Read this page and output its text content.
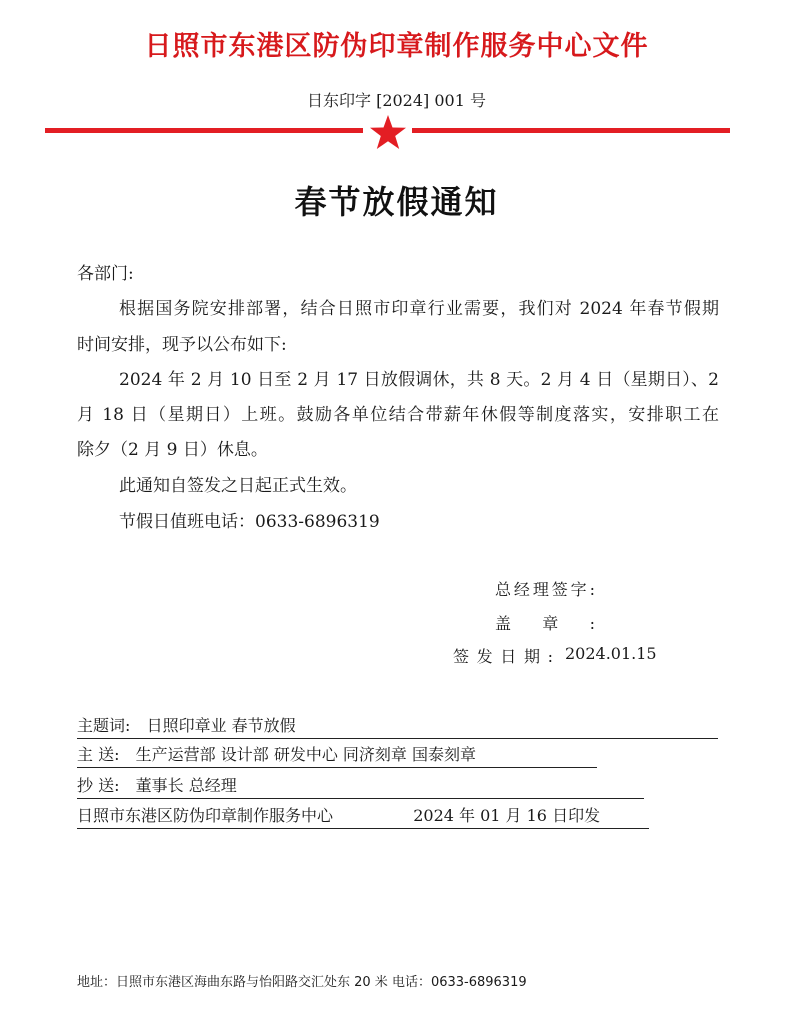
日照市东港区防伪印章制作服务中心文件
日东印字 [2024] 001 号
春节放假通知
各部门:
根据国务院安排部署，结合日照市印章行业需要，我们对 2024 年春节假期
时间安排，现予以公布如下:
2024 年 2 月 10 日至 2 月 17 日放假调休，共 8 天。2 月 4 日（星期日）、2
月 18 日（星期日）上班。鼓励各单位结合带薪年休假等制度落实，安排职工在
除夕（2 月 9 日）休息。
此通知自签发之日起正式生效。
节假日值班电话：0633-6896319
总经理签字:
盖章:
签发日期: 2024.01.15
主题词: 日照印章业 春节放假
主 送: 生产运营部 设计部 研发中心 同济刻章 国泰刻章
抄 送: 董事长 总经理
日照市东港区防伪印章制作服务中心	2024 年 01 月 16 日印发
地址：日照市东港区海曲东路与怡阳路交汇处东 20 米 电话：0633-6896319
